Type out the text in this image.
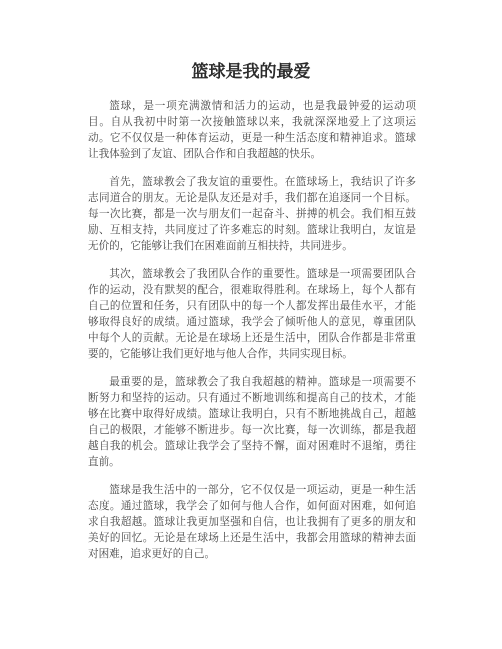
篮球是我的最爱

篮球，是一项充满激情和活力的运动，也是我最钟爱的运动项目。自从我初中时第一次接触篮球以来，我就深深地爱上了这项运动。它不仅仅是一种体育运动，更是一种生活态度和精神追求。篮球让我体验到了友谊、团队合作和自我超越的快乐。

首先，篮球教会了我友谊的重要性。在篮球场上，我结识了许多志同道合的朋友。无论是队友还是对手，我们都在追逐同一个目标。每一次比赛，都是一次与朋友们一起奋斗、拼搏的机会。我们相互鼓励、互相支持，共同度过了许多难忘的时刻。篮球让我明白，友谊是无价的，它能够让我们在困难面前互相扶持，共同进步。

其次，篮球教会了我团队合作的重要性。篮球是一项需要团队合作的运动，没有默契的配合，很难取得胜利。在球场上，每个人都有自己的位置和任务，只有团队中的每一个人都发挥出最佳水平，才能够取得良好的成绩。通过篮球，我学会了倾听他人的意见，尊重团队中每个人的贡献。无论是在球场上还是生活中，团队合作都是非常重要的，它能够让我们更好地与他人合作，共同实现目标。

最重要的是，篮球教会了我自我超越的精神。篮球是一项需要不断努力和坚持的运动。只有通过不断地训练和提高自己的技术，才能够在比赛中取得好成绩。篮球让我明白，只有不断地挑战自己，超越自己的极限，才能够不断进步。每一次比赛，每一次训练，都是我超越自我的机会。篮球让我学会了坚持不懈，面对困难时不退缩，勇往直前。

篮球是我生活中的一部分，它不仅仅是一项运动，更是一种生活态度。通过篮球，我学会了如何与他人合作，如何面对困难，如何追求自我超越。篮球让我更加坚强和自信，也让我拥有了更多的朋友和美好的回忆。无论是在球场上还是生活中，我都会用篮球的精神去面对困难，追求更好的自己。
